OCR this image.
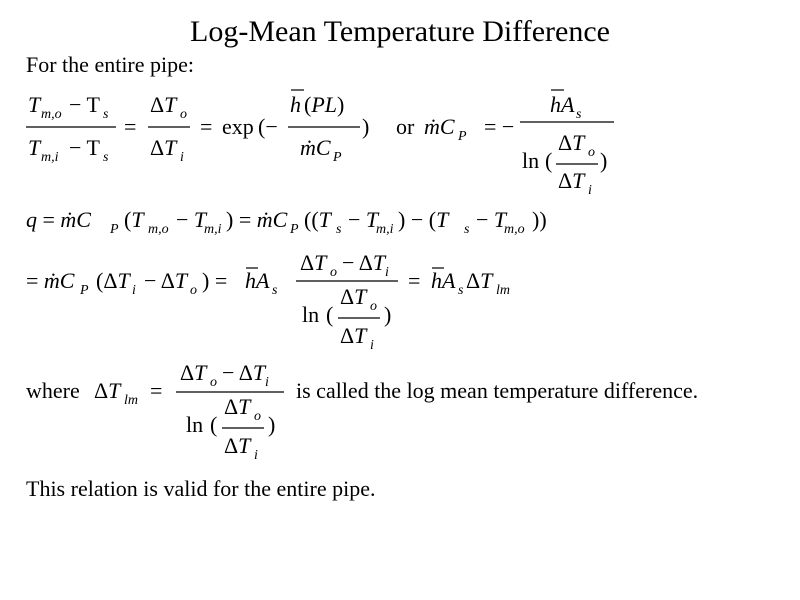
Log-Mean Temperature Difference
For the entire pipe:
T m,o − T s
T m,i − T s
=
ΔT o
ΔT i
= exp (−
h (PL)
ṁC P
) or ṁC P = −
hA s
ln (
ΔT o
ΔT i
)
q = ṁC P (T m,o − T
m,i ) = ṁC P ((T s − T
m,i ) − (T s − T
m,o ))
= ṁC P (ΔT i − ΔT o ) = hA s
ΔT o − ΔT i
ln (
ΔT o
ΔT i
)
= hA s ΔT lm
where ΔT lm =
ΔT o − ΔT i
ln (
ΔT o
ΔT i
)
is called the log mean temperature difference.
This relation is valid for the entire pipe.
